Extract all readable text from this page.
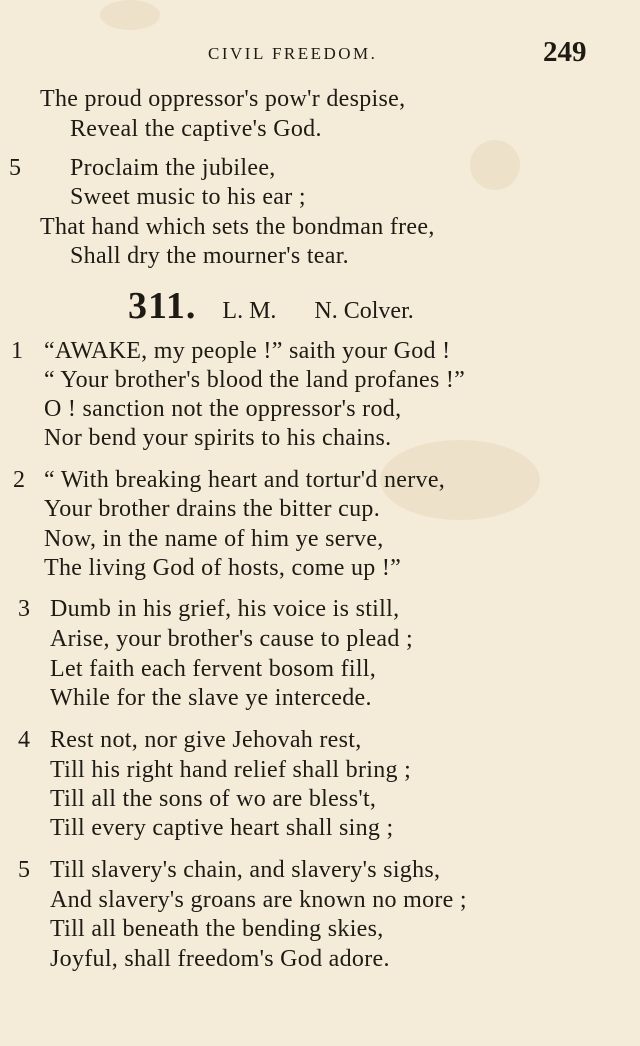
CIVIL FREEDOM.	249
The proud oppressor's pow'r despise,
Reveal the captive's God.
5 Proclaim the jubilee,
Sweet music to his ear ;
That hand which sets the bondman free,
Shall dry the mourner's tear.
311. L. M. N. Colver.
1 “AWAKE, my people !” saith your God !
“ Your brother's blood the land profanes !”
O ! sanction not the oppressor's rod,
Nor bend your spirits to his chains.
2 “ With breaking heart and tortur'd nerve,
Your brother drains the bitter cup.
Now, in the name of him ye serve,
The living God of hosts, come up !”
3 Dumb in his grief, his voice is still,
Arise, your brother's cause to plead ;
Let faith each fervent bosom fill,
While for the slave ye intercede.
4 Rest not, nor give Jehovah rest,
Till his right hand relief shall bring ;
Till all the sons of wo are bless't,
Till every captive heart shall sing ;
5 Till slavery's chain, and slavery's sighs,
And slavery's groans are known no more ;
Till all beneath the bending skies,
Joyful, shall freedom's God adore.
